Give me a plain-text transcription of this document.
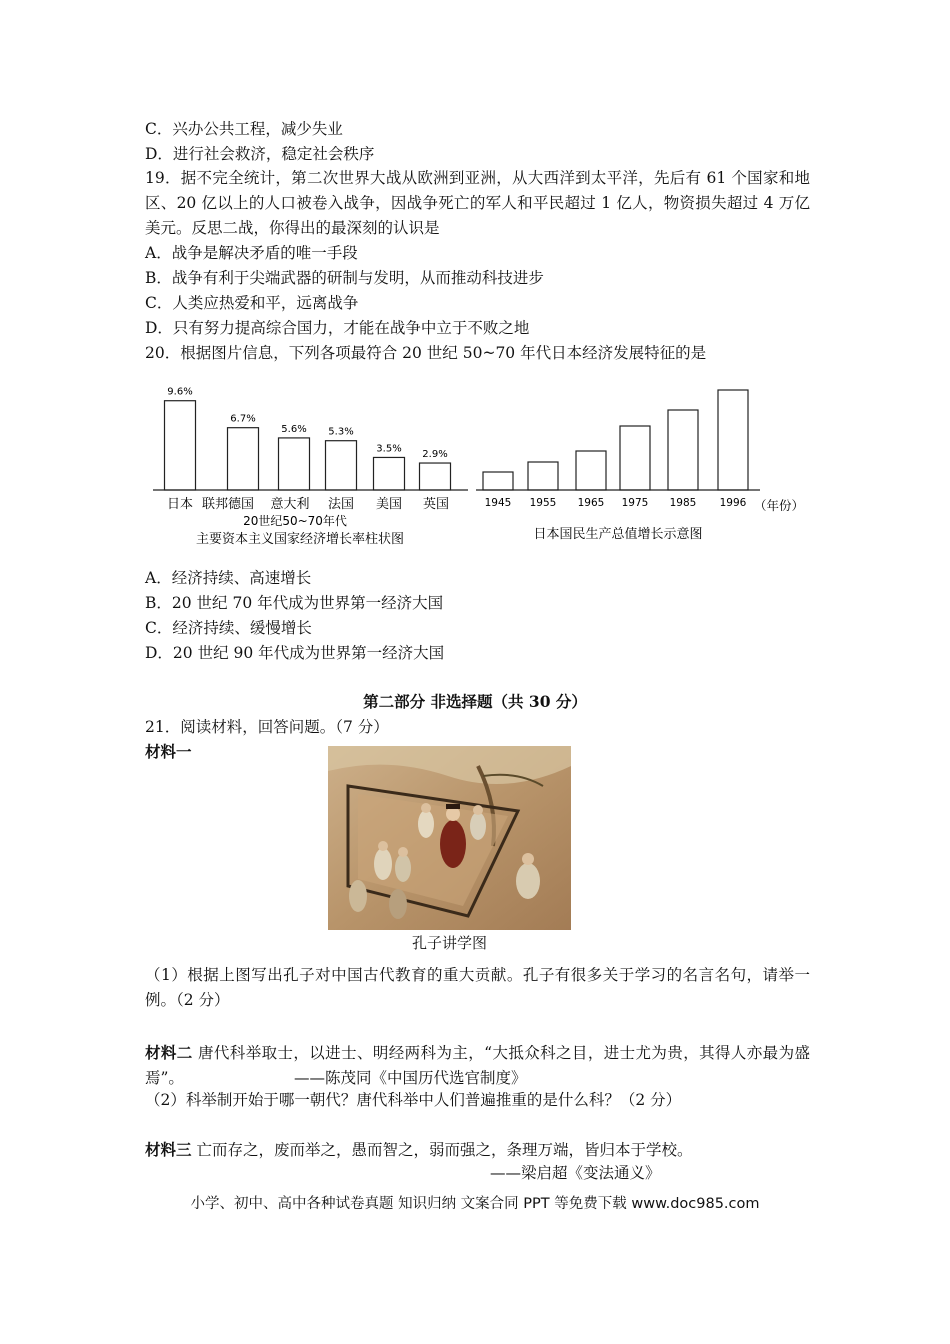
C．兴办公共工程，减少失业
D．进行社会救济，稳定社会秩序
19．据不完全统计，第二次世界大战从欧洲到亚洲，从大西洋到太平洋，先后有 61 个国家和地区、20 亿以上的人口被卷入战争，因战争死亡的军人和平民超过 1 亿人，物资损失超过 4 万亿美元。反思二战，你得出的最深刻的认识是
A．战争是解决矛盾的唯一手段
B．战争有利于尖端武器的研制与发明，从而推动科技进步
C．人类应热爱和平，远离战争
D．只有努力提高综合国力，才能在战争中立于不败之地
20．根据图片信息，下列各项最符合 20 世纪 50~70 年代日本经济发展特征的是
9.6%
日本
6.7%
联邦德国
5.6%
意大利
5.3%
法国
3.5%
美国
2.9%
英国
20世纪50~70年代
主要资本主义国家经济增长率柱状图
1945 1955 1965 1975 1985 1996 （年份）
日本国民生产总值增长示意图
A．经济持续、高速增长
B．20 世纪 70 年代成为世界第一经济大国
C．经济持续、缓慢增长
D．20 世纪 90 年代成为世界第一经济大国
第二部分 非选择题（共 30 分）
21．阅读材料，回答问题。（7 分）
材料一
孔子讲学图
（1）根据上图写出孔子对中国古代教育的重大贡献。孔子有很多关于学习的名言名句，请举一例。（2 分）
材料二 唐代科举取士，以进士、明经两科为主，“大抵众科之目，进士尤为贵，其得人亦最为盛焉”。	——陈茂同《中国历代选官制度》
（2）科举制开始于哪一朝代？唐代科举中人们普遍推重的是什么科？（2 分）
材料三 亡而存之，废而举之，愚而智之，弱而强之，条理万端，皆归本于学校。
——梁启超《变法通义》
小学、初中、高中各种试卷真题 知识归纳 文案合同 PPT 等免费下载 www.doc985.com
